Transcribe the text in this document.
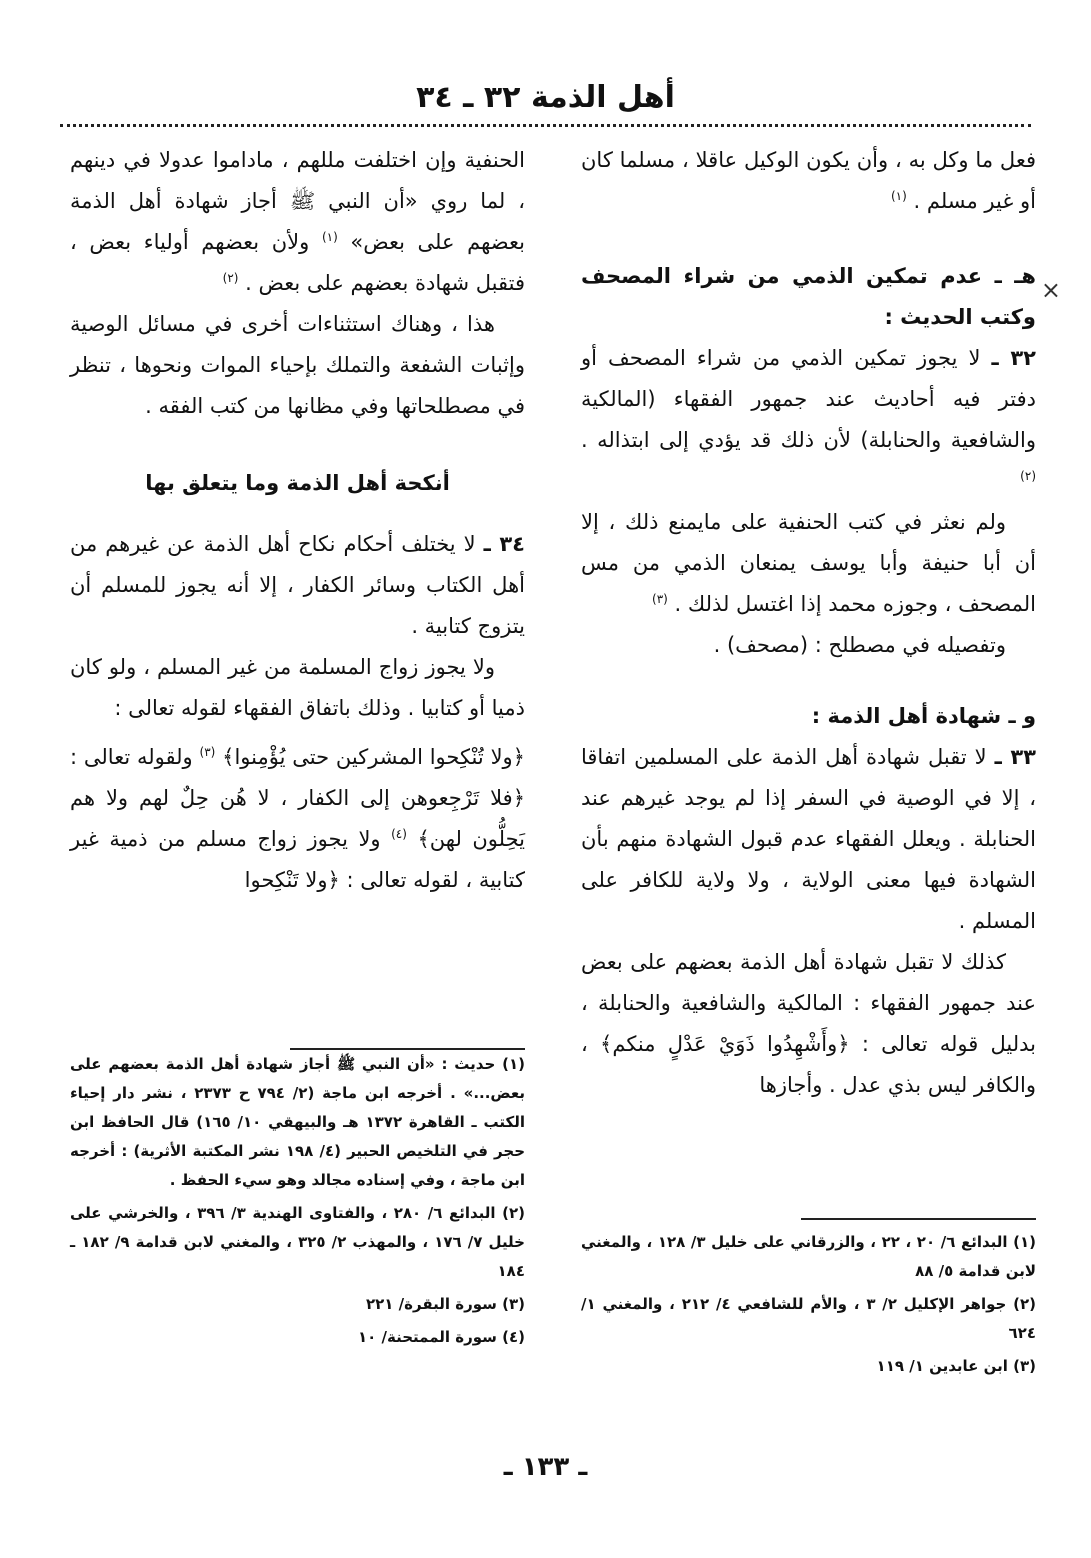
أهل الذمة ٣٢ ـ ٣٤
×

فعل ما وكل به ، وأن يكون الوكيل عاقلا ، مسلما كان أو غير مسلم . $^{(١)}$

هـ ـ عدم تمكين الذمي من شراء المصحف وكتب الحديث :

٣٢ ـ لا يجوز تمكين الذمي من شراء المصحف أو دفتر فيه أحاديث عند جمهور الفقهاء (المالكية والشافعية والحنابلة) لأن ذلك قد يؤدي إلى ابتذاله . $^{(٢)}$

ولم نعثر في كتب الحنفية على مايمنع ذلك ، إلا أن أبا حنيفة وأبا يوسف يمنعان الذمي من مس المصحف ، وجوزه محمد إذا اغتسل لذلك . $^{(٣)}$

وتفصيله في مصطلح : (مصحف) .

و ـ شهادة أهل الذمة :

٣٣ ـ لا تقبل شهادة أهل الذمة على المسلمين اتفاقا ، إلا في الوصية في السفر إذا لم يوجد غيرهم عند الحنابلة . ويعلل الفقهاء عدم قبول الشهادة منهم بأن الشهادة فيها معنى الولاية ، ولا ولاية للكافر على المسلم .

كذلك لا تقبل شهادة أهل الذمة بعضهم على بعض عند جمهور الفقهاء : المالكية والشافعية والحنابلة ، بدليل قوله تعالى : ﴿وأَشْهِدُوا ذَوَيْ عَدْلٍ منكم﴾ ، والكافر ليس بذي عدل . وأجازها

الحنفية وإن اختلفت مللهم ، ماداموا عدولا في دينهم ، لما روي «أن النبي ﷺ أجاز شهادة أهل الذمة بعضهم على بعض» $^{(١)}$ ولأن بعضهم أولياء بعض ، فتقبل شهادة بعضهم على بعض . $^{(٢)}$

هذا ، وهناك استثناءات أخرى في مسائل الوصية وإثبات الشفعة والتملك بإحياء الموات ونحوها ، تنظر في مصطلحاتها وفي مظانها من كتب الفقه .

أنكحة أهل الذمة وما يتعلق بها

٣٤ ـ لا يختلف أحكام نكاح أهل الذمة عن غيرهم من أهل الكتاب وسائر الكفار ، إلا أنه يجوز للمسلم أن يتزوج كتابية .

ولا يجوز زواج المسلمة من غير المسلم ، ولو كان ذميا أو كتابيا . وذلك باتفاق الفقهاء لقوله تعالى :

﴿ولا تُنْكِحوا المشركين حتى يُؤْمِنوا﴾ $^{(٣)}$ ولقوله تعالى : ﴿فلا تَرْجِعوهن إلى الكفار ، لا هُن حِلٌ لهم ولا هم يَحِلُّون لهن﴾ $^{(٤)}$ ولا يجوز زواج مسلم من ذمية غير كتابية ، لقوله تعالى : ﴿ولا تَنْكِحوا

(١) حديث : «أن النبي ﷺ أجاز شهادة أهل الذمة بعضهم على بعض...» . أخرجه ابن ماجة (٢/ ٧٩٤ ح ٢٣٧٣ ، نشر دار إحياء الكتب ـ القاهرة ١٣٧٢ هـ والبيهقي ١٠/ ١٦٥) قال الحافظ ابن حجر في التلخيص الحبير (٤/ ١٩٨ نشر المكتبة الأثرية) : أخرجه ابن ماجة ، وفي إسناده مجالد وهو سيء الحفظ .

(٢) البدائع ٦/ ٢٨٠ ، والفتاوى الهندية ٣/ ٣٩٦ ، والخرشي على خليل ٧/ ١٧٦ ، والمهذب ٢/ ٣٢٥ ، والمغني لابن قدامة ٩/ ١٨٢ ـ ١٨٤

(٣) سورة البقرة/ ٢٢١

(٤) سورة الممتحنة/ ١٠

(١) البدائع ٦/ ٢٠ ، ٢٢ ، والزرقاني على خليل ٣/ ١٢٨ ، والمغني لابن قدامة ٥/ ٨٨

(٢) جواهر الإكليل ٢/ ٣ ، والأم للشافعي ٤/ ٢١٢ ، والمغني ١/ ٦٢٤

(٣) ابن عابدين ١/ ١١٩

ـ ١٣٣ ـ
